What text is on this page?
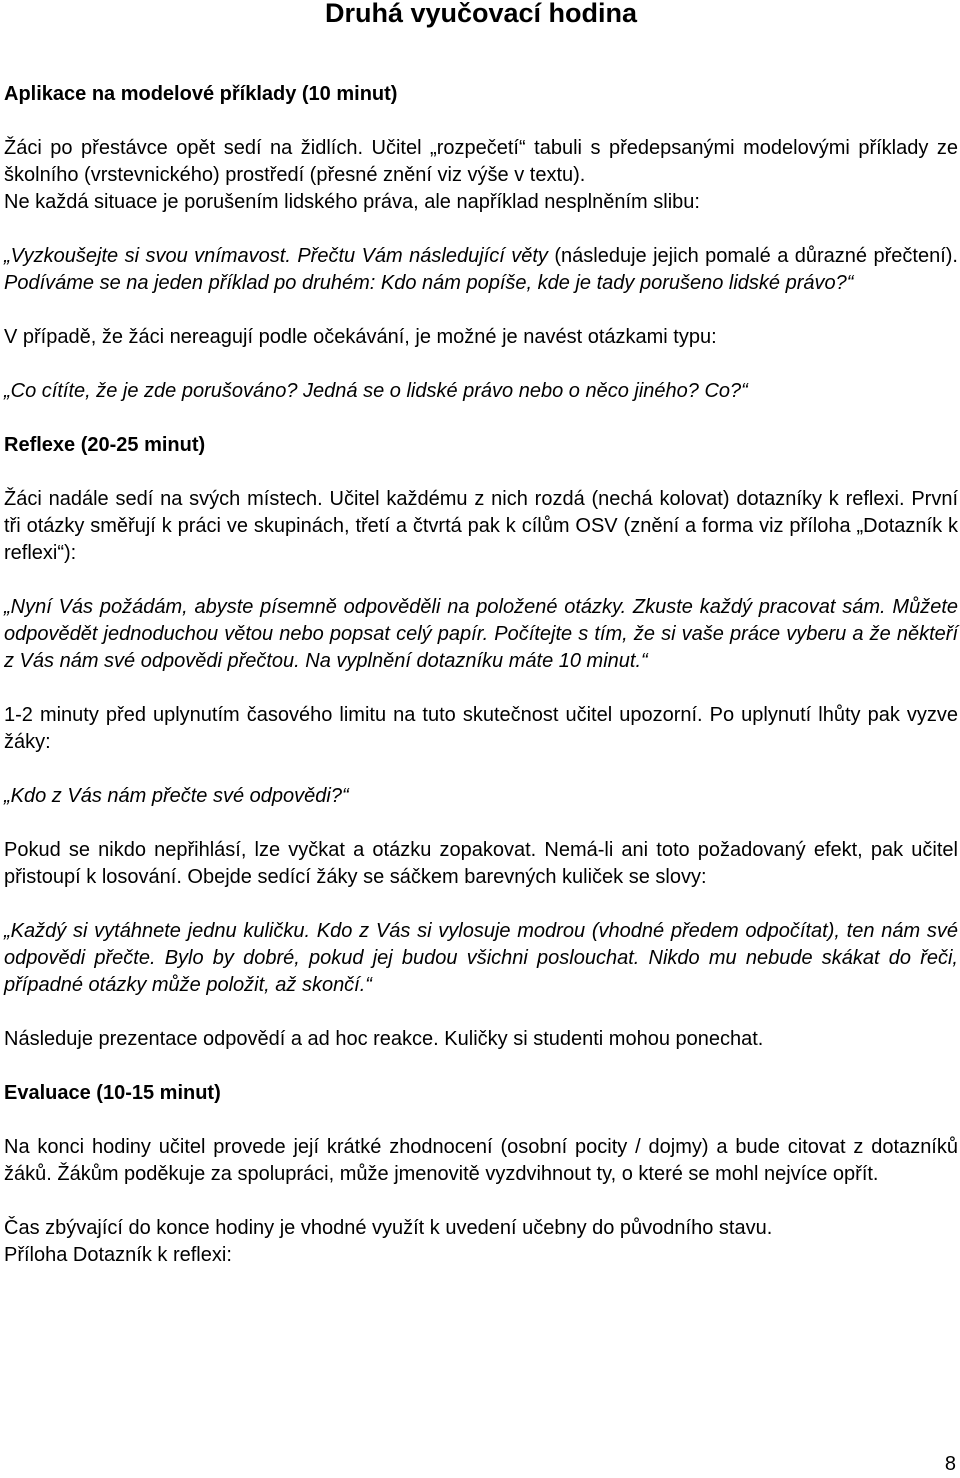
Druhá vyučovací hodina
Aplikace na modelové příklady (10 minut)

Žáci po přestávce opět sedí na židlích. Učitel „rozpečetí“ tabuli s předepsanými modelovými příklady ze školního (vrstevnického) prostředí (přesné znění viz výše v textu).

Ne každá situace je porušením lidského práva, ale například nesplněním slibu:

„Vyzkoušejte si svou vnímavost. Přečtu Vám následující věty (následuje jejich pomalé a důrazné přečtení). Podíváme se na jeden příklad po druhém: Kdo nám popíše, kde je tady porušeno lidské právo?“

V případě, že žáci nereagují podle očekávání, je možné je navést otázkami typu:

„Co cítíte, že je zde porušováno? Jedná se o lidské právo nebo o něco jiného? Co?“

Reflexe (20-25 minut)

Žáci nadále sedí na svých místech. Učitel každému z nich rozdá (nechá kolovat) dotazníky k reflexi. První tři otázky směřují k práci ve skupinách, třetí a čtvrtá pak k cílům OSV (znění a forma viz příloha „Dotazník k reflexi“):

„Nyní Vás požádám, abyste písemně odpověděli na položené otázky. Zkuste každý pracovat sám. Můžete odpovědět jednoduchou větou nebo popsat celý papír. Počítejte s tím, že si vaše práce vyberu a že někteří z Vás nám své odpovědi přečtou. Na vyplnění dotazníku máte 10 minut.“

1-2 minuty před uplynutím časového limitu na tuto skutečnost učitel upozorní. Po uplynutí lhůty pak vyzve žáky:

„Kdo z Vás nám přečte své odpovědi?“

Pokud se nikdo nepřihlásí, lze vyčkat a otázku zopakovat. Nemá-li ani toto požadovaný efekt, pak učitel přistoupí k losování. Obejde sedící žáky se sáčkem barevných kuliček se slovy:

„Každý si vytáhnete jednu kuličku. Kdo z Vás si vylosuje modrou (vhodné předem odpočítat), ten nám své odpovědi přečte. Bylo by dobré, pokud jej budou všichni poslouchat. Nikdo mu nebude skákat do řeči, případné otázky může položit, až skončí.“

Následuje prezentace odpovědí a ad hoc reakce. Kuličky si studenti mohou ponechat.

Evaluace (10-15 minut)

Na konci hodiny učitel provede její krátké zhodnocení (osobní pocity / dojmy) a bude citovat z dotazníků žáků. Žákům poděkuje za spolupráci, může jmenovitě vyzdvihnout ty, o které se mohl nejvíce opřít.

Čas zbývající do konce hodiny je vhodné využít k uvedení učebny do původního stavu.

Příloha Dotazník k reflexi:

8
